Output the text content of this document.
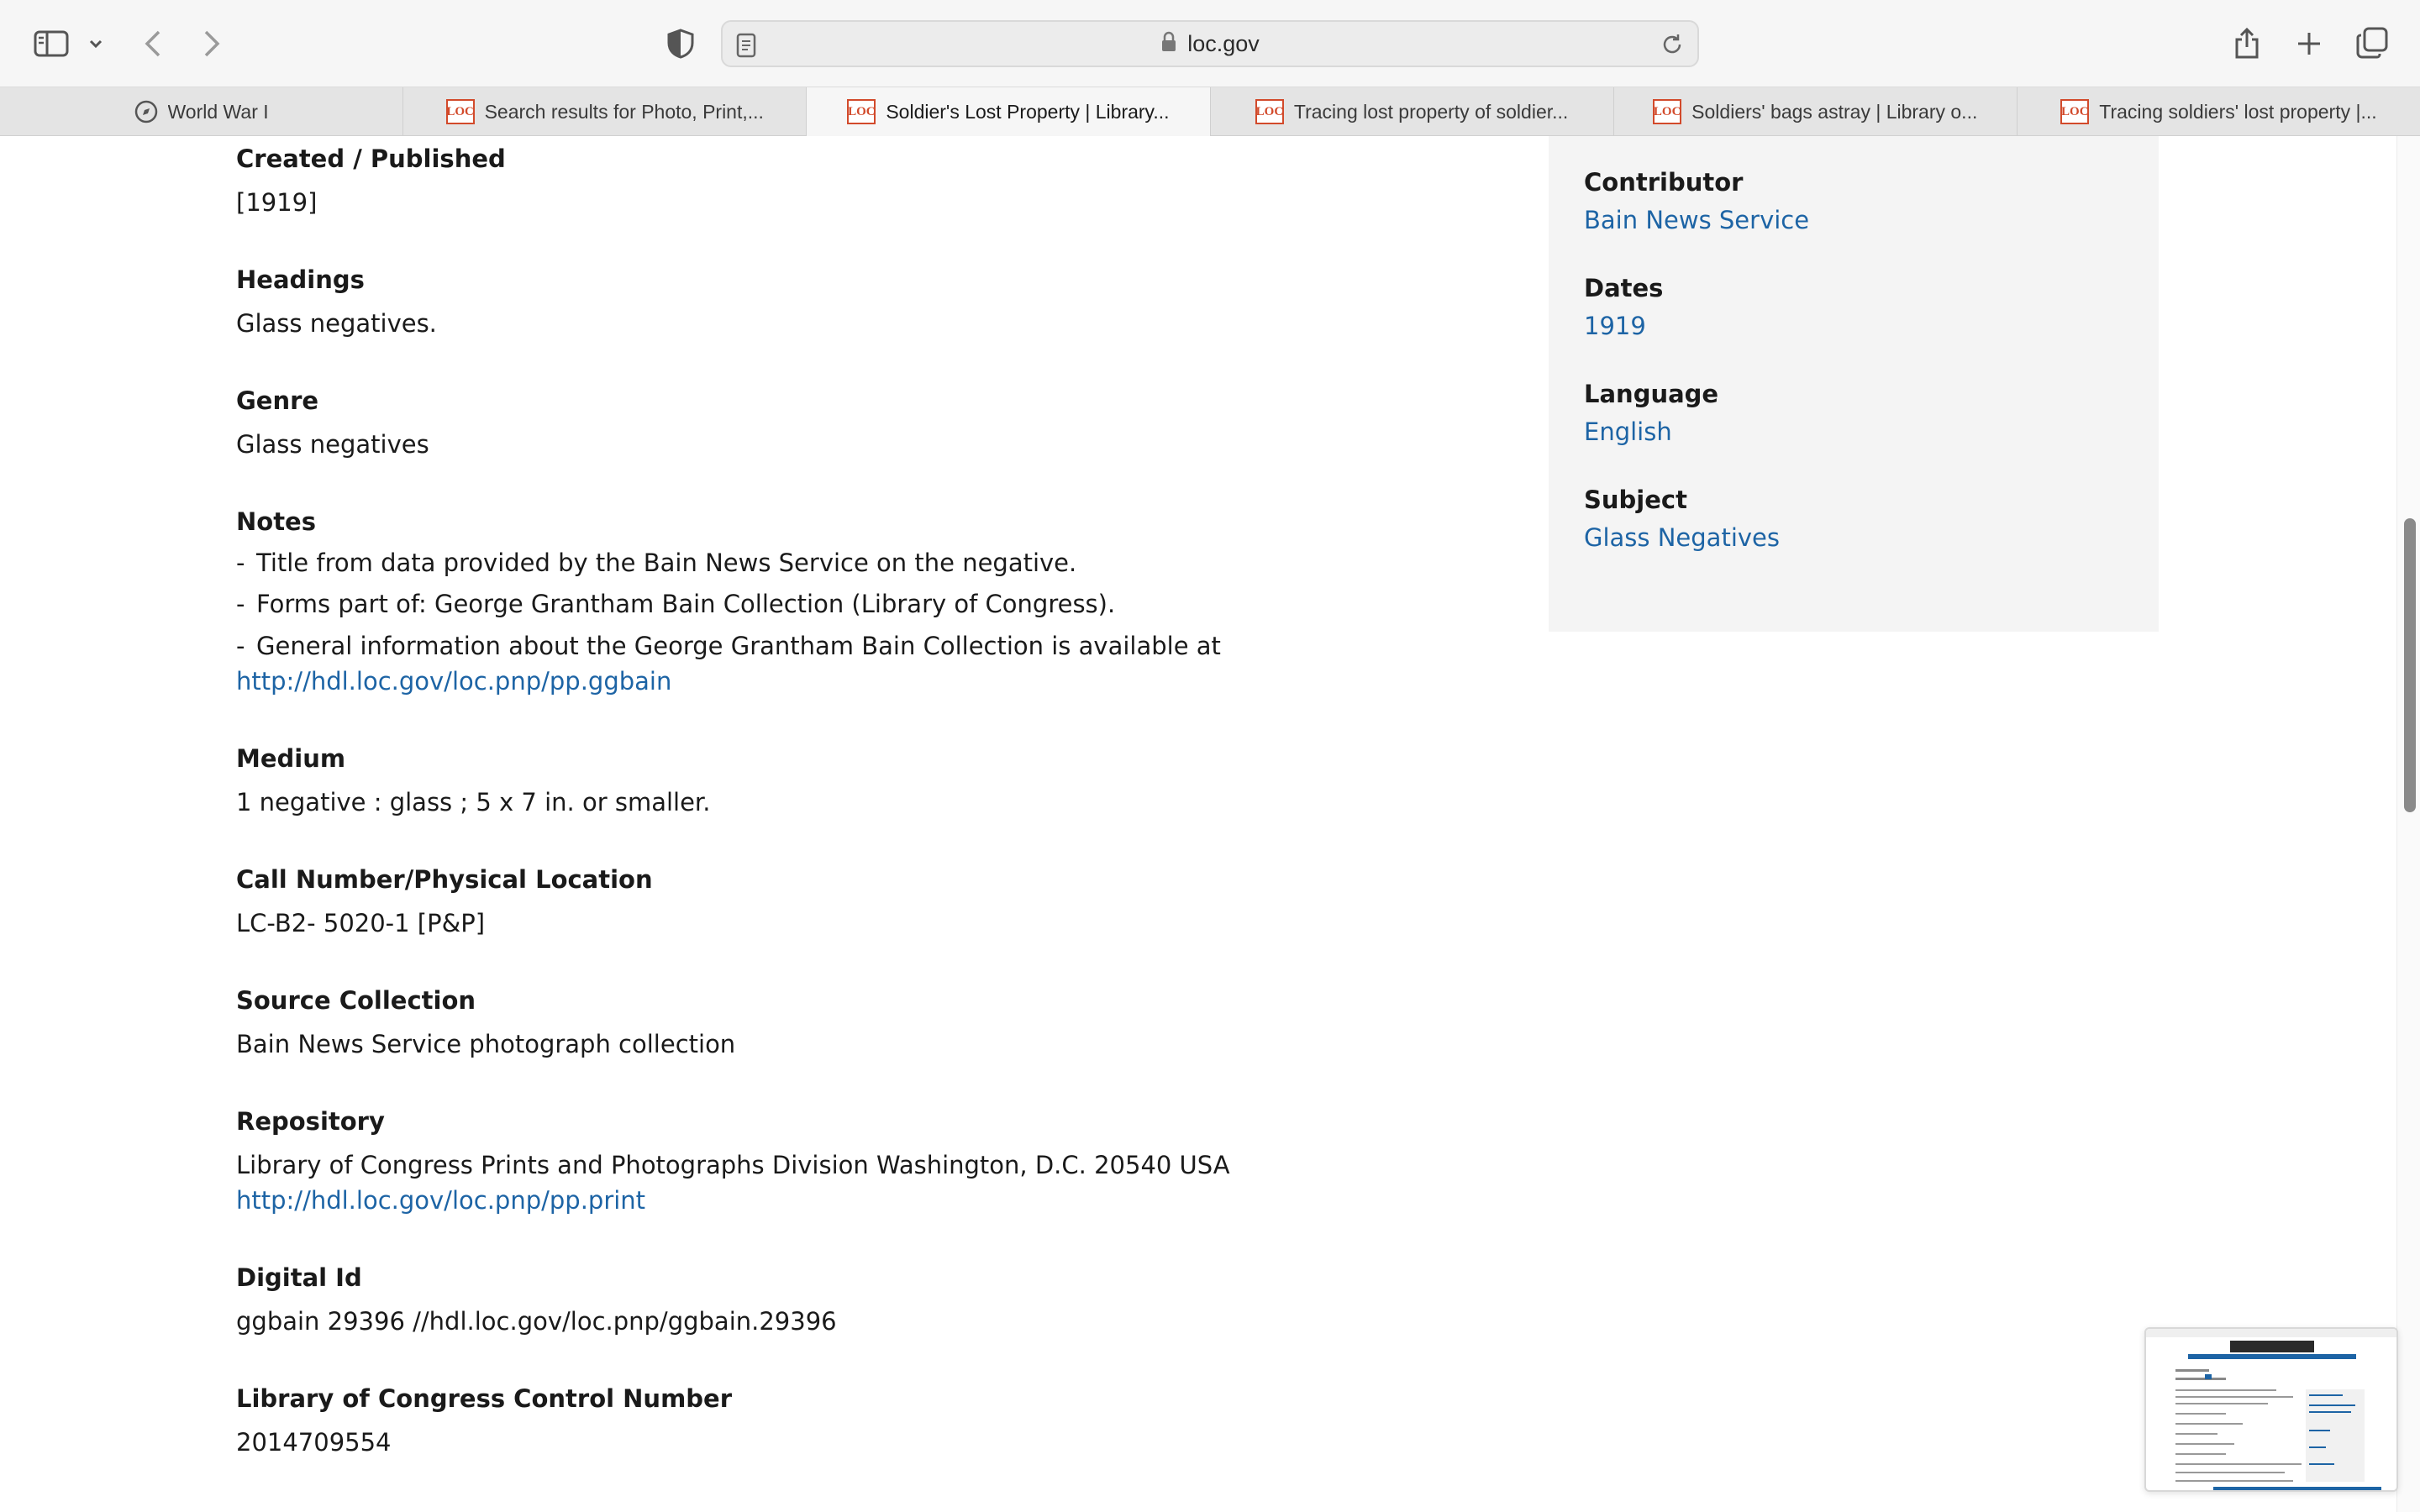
loc.gov
World War I	LOC Search results for Photo, Print,...	LOC Soldier's Lost Property | Library...	LOC Tracing lost property of soldier...	LOC Soldiers' bags astray | Library o...	LOC Tracing soldiers' lost property |...
Created / Published
[1919]
Headings
Glass negatives.
Genre
Glass negatives
Notes
- Title from data provided by the Bain News Service on the negative.
- Forms part of: George Grantham Bain Collection (Library of Congress).
- General information about the George Grantham Bain Collection is available at
http://hdl.loc.gov/loc.pnp/pp.ggbain
Medium
1 negative : glass ; 5 x 7 in. or smaller.
Call Number/Physical Location
LC-B2- 5020-1 [P&P]
Source Collection
Bain News Service photograph collection
Repository
Library of Congress Prints and Photographs Division Washington, D.C. 20540 USA
http://hdl.loc.gov/loc.pnp/pp.print
Digital Id
ggbain 29396 //hdl.loc.gov/loc.pnp/ggbain.29396
Library of Congress Control Number
2014709554
Contributor
Bain News Service
Dates
1919
Language
English
Subject
Glass Negatives
